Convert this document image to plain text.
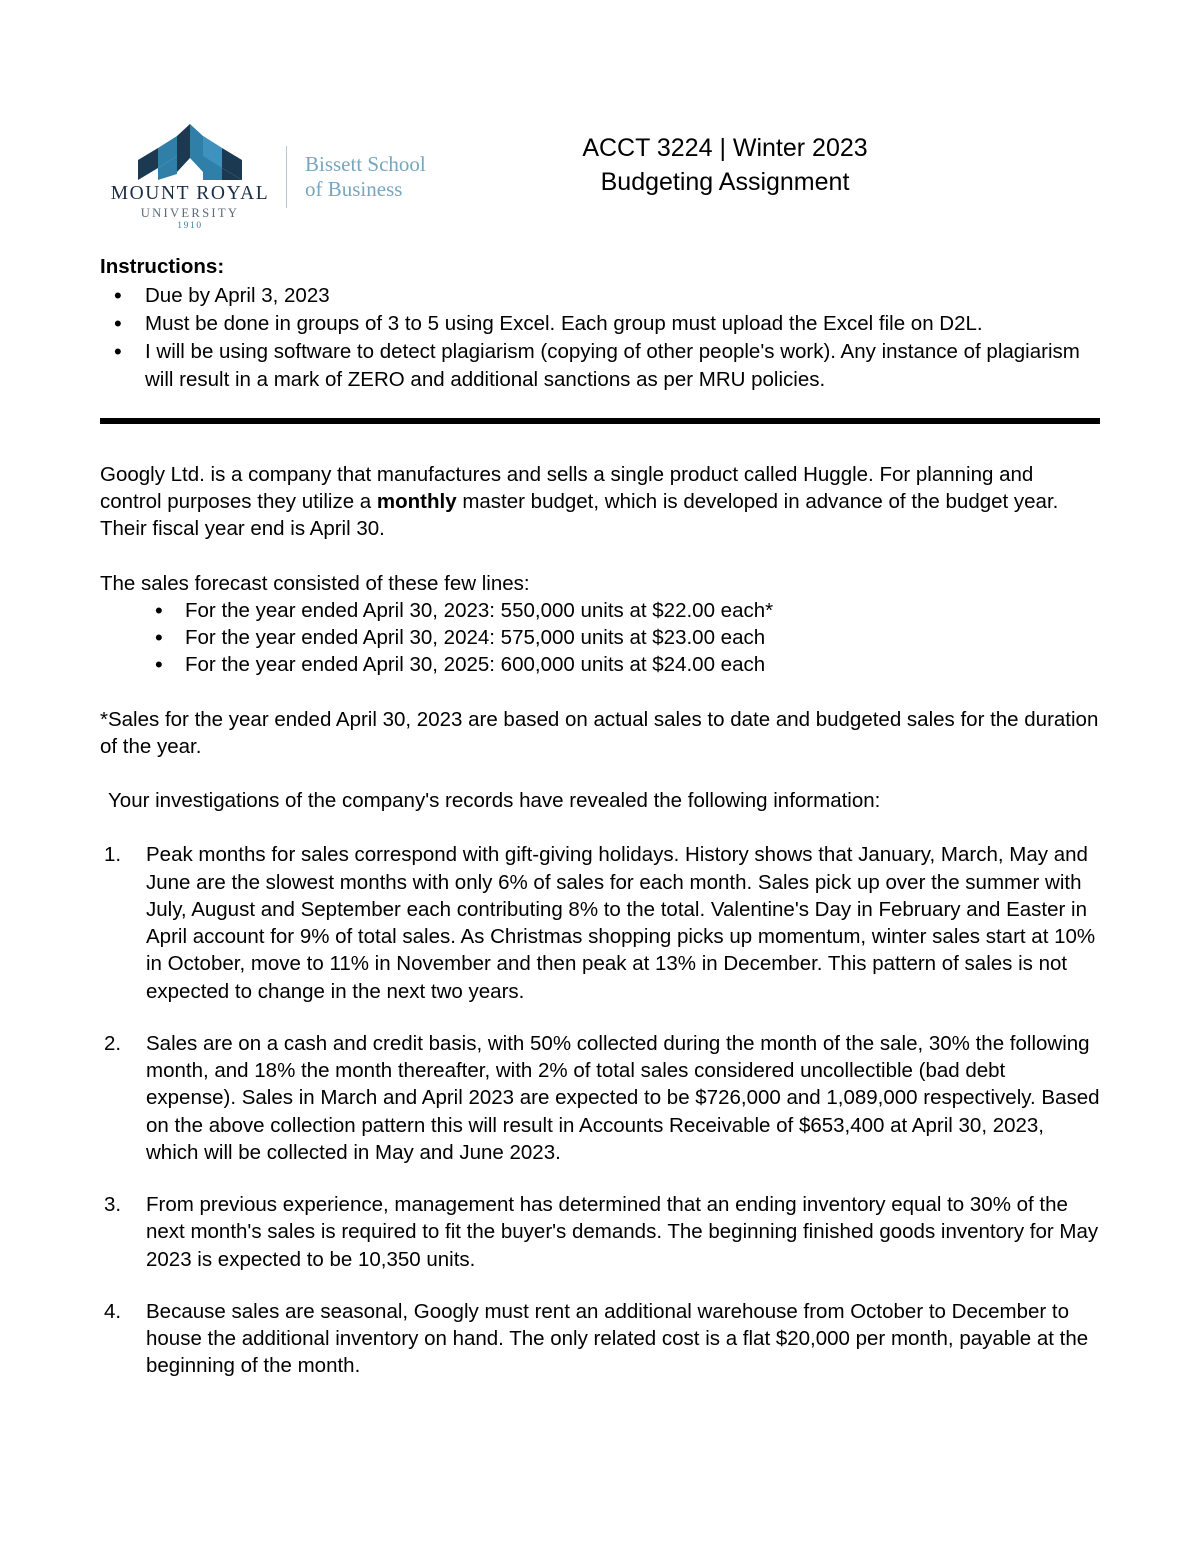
MOUNT ROYAL
UNIVERSITY
1910
Bissett School
of Business
ACCT 3224 | Winter 2023
Budgeting Assignment
Instructions:
• Due by April 3, 2023
• Must be done in groups of 3 to 5 using Excel. Each group must upload the Excel file on D2L.
• I will be using software to detect plagiarism (copying of other people's work). Any instance of plagiarism will result in a mark of ZERO and additional sanctions as per MRU policies.

Googly Ltd. is a company that manufactures and sells a single product called Huggle. For planning and control purposes they utilize a monthly master budget, which is developed in advance of the budget year. Their fiscal year end is April 30.

The sales forecast consisted of these few lines:

• For the year ended April 30, 2023: 550,000 units at $22.00 each*
• For the year ended April 30, 2024: 575,000 units at $23.00 each
• For the year ended April 30, 2025: 600,000 units at $24.00 each

*Sales for the year ended April 30, 2023 are based on actual sales to date and budgeted sales for the duration of the year.

Your investigations of the company's records have revealed the following information:

Peak months for sales correspond with gift-giving holidays. History shows that January, March, May and June are the slowest months with only 6% of sales for each month. Sales pick up over the summer with July, August and September each contributing 8% to the total. Valentine's Day in February and Easter in April account for 9% of total sales. As Christmas shopping picks up momentum, winter sales start at 10% in October, move to 11% in November and then peak at 13% in December. This pattern of sales is not expected to change in the next two years.
Sales are on a cash and credit basis, with 50% collected during the month of the sale, 30% the following month, and 18% the month thereafter, with 2% of total sales considered uncollectible (bad debt expense). Sales in March and April 2023 are expected to be $726,000 and 1,089,000 respectively. Based on the above collection pattern this will result in Accounts Receivable of $653,400 at April 30, 2023, which will be collected in May and June 2023.
From previous experience, management has determined that an ending inventory equal to 30% of the next month's sales is required to fit the buyer's demands. The beginning finished goods inventory for May 2023 is expected to be 10,350 units.
Because sales are seasonal, Googly must rent an additional warehouse from October to December to house the additional inventory on hand. The only related cost is a flat $20,000 per month, payable at the beginning of the month.
